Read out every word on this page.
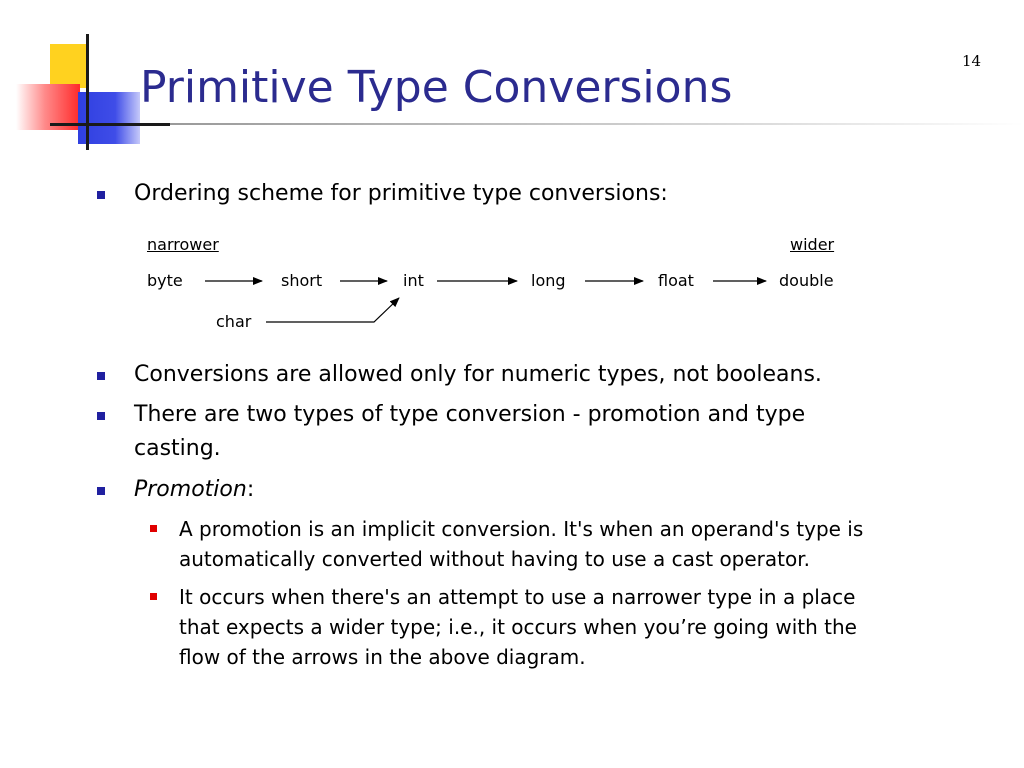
Primitive Type Conversions
14
Ordering scheme for primitive type conversions:
narrower	wider
byte	short	int	long	float	double
char
Conversions are allowed only for numeric types, not booleans.
There are two types of type conversion - promotion and type
casting.
Promotion:
A promotion is an implicit conversion. It's when an operand's type is
automatically converted without having to use a cast operator.
It occurs when there's an attempt to use a narrower type in a place
that expects a wider type; i.e., it occurs when you’re going with the
flow of the arrows in the above diagram.
